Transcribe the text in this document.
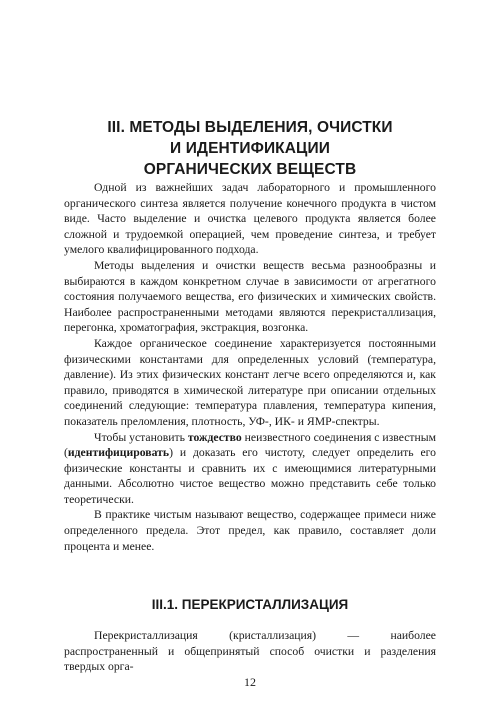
III. МЕТОДЫ ВЫДЕЛЕНИЯ, ОЧИСТКИ
И ИДЕНТИФИКАЦИИ
ОРГАНИЧЕСКИХ ВЕЩЕСТВ

Одной из важнейших задач лабораторного и промышленного органического синтеза является получение конечного продукта в чистом виде. Часто выделение и очистка целевого продукта является более сложной и трудоемкой операцией, чем проведение синтеза, и требует умелого квалифицированного подхода.

Методы выделения и очистки веществ весьма разнообразны и выбираются в каждом конкретном случае в зависимости от агрегатного состояния получаемого вещества, его физических и химических свойств. Наиболее распространенными методами являются перекристаллизация, перегонка, хроматография, экстракция, возгонка.

Каждое органическое соединение характеризуется постоянными физическими константами для определенных условий (температура, давление). Из этих физических констант легче всего определяются и, как правило, приводятся в химической литературе при описании отдельных соединений следующие: температура плавления, температура кипения, показатель преломления, плотность, УФ-, ИК- и ЯМР-спектры.

Чтобы установить тождество неизвестного соединения с известным (идентифицировать) и доказать его чистоту, следует определить его физические константы и сравнить их с имеющимися литературными данными. Абсолютно чистое вещество можно представить себе только теоретически.

В практике чистым называют вещество, содержащее примеси ниже определенного предела. Этот предел, как правило, составляет доли процента и менее.

III.1. ПЕРЕКРИСТАЛЛИЗАЦИЯ

Перекристаллизация (кристаллизация) — наиболее распространенный и общепринятый способ очистки и разделения твердых орга-

12
